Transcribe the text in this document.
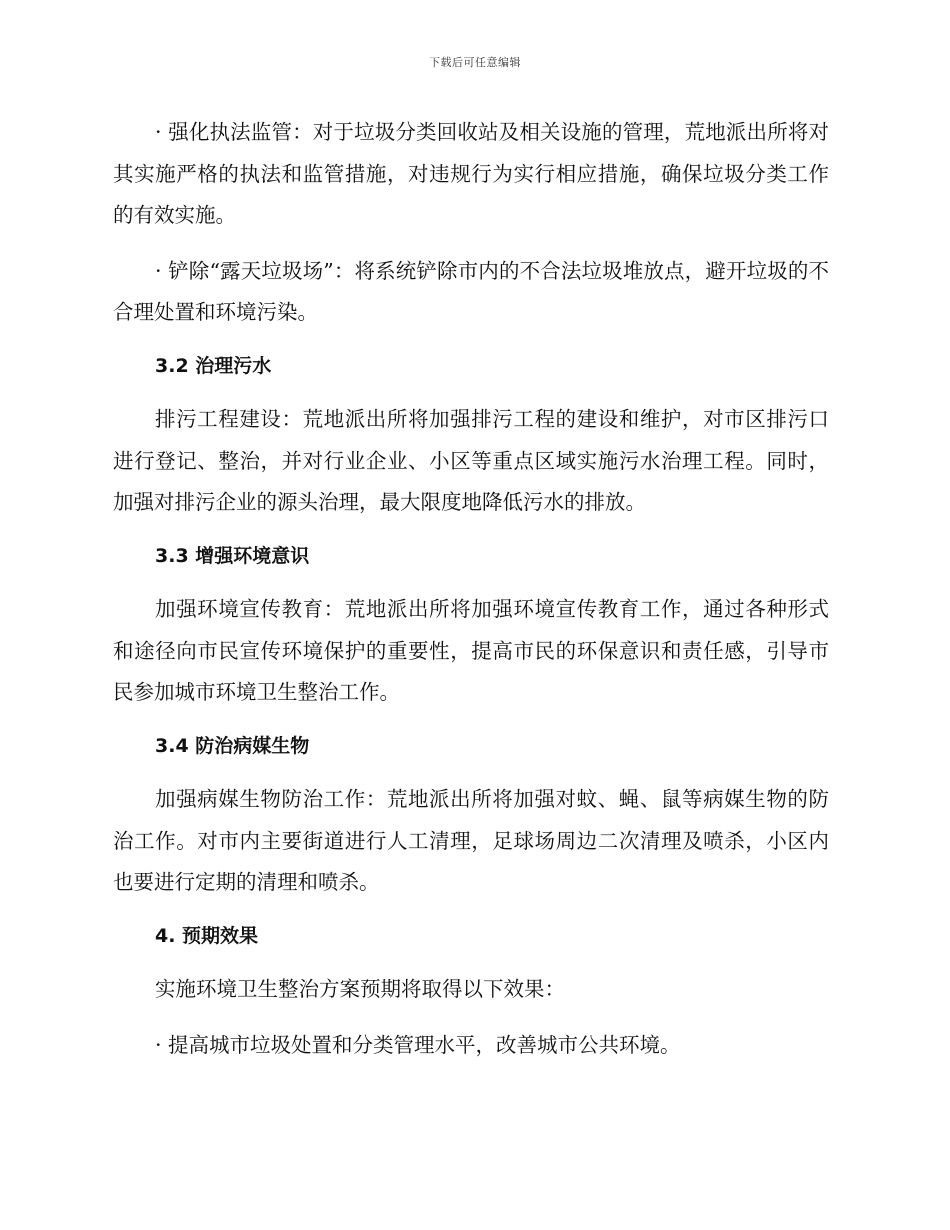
下载后可任意编辑

· 强化执法监管：对于垃圾分类回收站及相关设施的管理，荒地派出所将对其实施严格的执法和监管措施，对违规行为实行相应措施，确保垃圾分类工作的有效实施。

· 铲除“露天垃圾场”：将系统铲除市内的不合法垃圾堆放点，避开垃圾的不合理处置和环境污染。

3.2 治理污水

排污工程建设：荒地派出所将加强排污工程的建设和维护，对市区排污口进行登记、整治，并对行业企业、小区等重点区域实施污水治理工程。同时，加强对排污企业的源头治理，最大限度地降低污水的排放。

3.3 增强环境意识

加强环境宣传教育：荒地派出所将加强环境宣传教育工作，通过各种形式和途径向市民宣传环境保护的重要性，提高市民的环保意识和责任感，引导市民参加城市环境卫生整治工作。

3.4 防治病媒生物

加强病媒生物防治工作：荒地派出所将加强对蚊、蝇、鼠等病媒生物的防治工作。对市内主要街道进行人工清理，足球场周边二次清理及喷杀，小区内也要进行定期的清理和喷杀。

4. 预期效果

实施环境卫生整治方案预期将取得以下效果：

· 提高城市垃圾处置和分类管理水平，改善城市公共环境。
